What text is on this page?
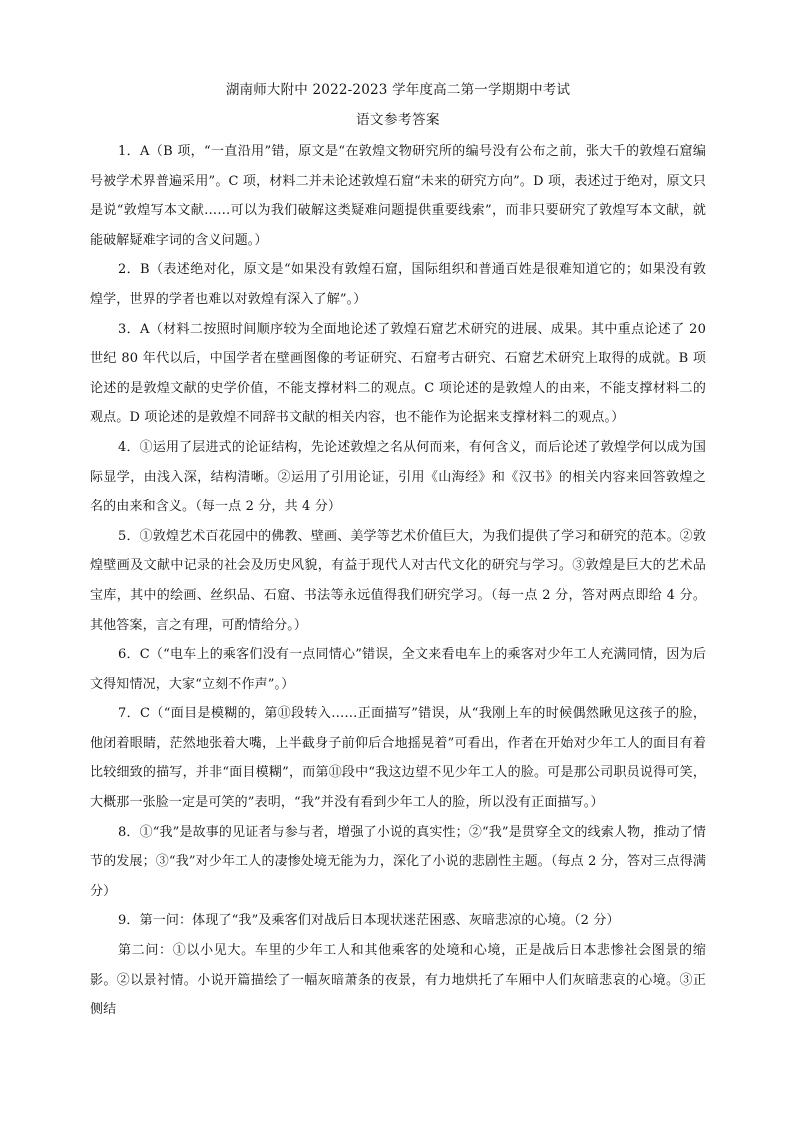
湖南师大附中 2022-2023 学年度高二第一学期期中考试
语文参考答案

1．A（B 项，“一直沿用”错，原文是“在敦煌文物研究所的编号没有公布之前，张大千的敦煌石窟编号被学术界普遍采用”。C 项，材料二并未论述敦煌石窟“未来的研究方向”。D 项，表述过于绝对，原文只是说“敦煌写本文献……可以为我们破解这类疑难问题提供重要线索”，而非只要研究了敦煌写本文献，就能破解疑难字词的含义问题。）

2．B（表述绝对化，原文是“如果没有敦煌石窟，国际组织和普通百姓是很难知道它的；如果没有敦煌学，世界的学者也难以对敦煌有深入了解”。）

3．A（材料二按照时间顺序较为全面地论述了敦煌石窟艺术研究的进展、成果。其中重点论述了 20 世纪 80 年代以后，中国学者在壁画图像的考证研究、石窟考古研究、石窟艺术研究上取得的成就。B 项论述的是敦煌文献的史学价值，不能支撑材料二的观点。C 项论述的是敦煌人的由来，不能支撑材料二的观点。D 项论述的是敦煌不同辞书文献的相关内容，也不能作为论据来支撑材料二的观点。）

4．①运用了层进式的论证结构，先论述敦煌之名从何而来，有何含义，而后论述了敦煌学何以成为国际显学，由浅入深，结构清晰。②运用了引用论证，引用《山海经》和《汉书》的相关内容来回答敦煌之名的由来和含义。（每一点 2 分，共 4 分）

5．①敦煌艺术百花园中的佛教、壁画、美学等艺术价值巨大，为我们提供了学习和研究的范本。②敦煌壁画及文献中记录的社会及历史风貌，有益于现代人对古代文化的研究与学习。③敦煌是巨大的艺术品宝库，其中的绘画、丝织品、石窟、书法等永远值得我们研究学习。（每一点 2 分，答对两点即给 4 分。其他答案，言之有理，可酌情给分。）

6．C（“电车上的乘客们没有一点同情心”错误，全文来看电车上的乘客对少年工人充满同情，因为后文得知情况，大家“立刻不作声”。）

7．C（“面目是模糊的，第⑪段转入……正面描写”错误，从“我刚上车的时候偶然瞅见这孩子的脸，他闭着眼睛，茫然地张着大嘴，上半截身子前仰后合地摇晃着”可看出，作者在开始对少年工人的面目有着比较细致的描写，并非“面目模糊”，而第⑪段中“我这边望不见少年工人的脸。可是那公司职员说得可笑，大概那一张脸一定是可笑的”表明，“我”并没有看到少年工人的脸，所以没有正面描写。）

8．①“我”是故事的见证者与参与者，增强了小说的真实性；②“我”是贯穿全文的线索人物，推动了情节的发展；③“我”对少年工人的凄惨处境无能为力，深化了小说的悲剧性主题。（每点 2 分，答对三点得满分）

9．第一问：体现了“我”及乘客们对战后日本现状迷茫困惑、灰暗悲凉的心境。（2 分）

第二问：①以小见大。车里的少年工人和其他乘客的处境和心境，正是战后日本悲惨社会图景的缩影。②以景衬情。小说开篇描绘了一幅灰暗萧条的夜景，有力地烘托了车厢中人们灰暗悲哀的心境。③正侧结
